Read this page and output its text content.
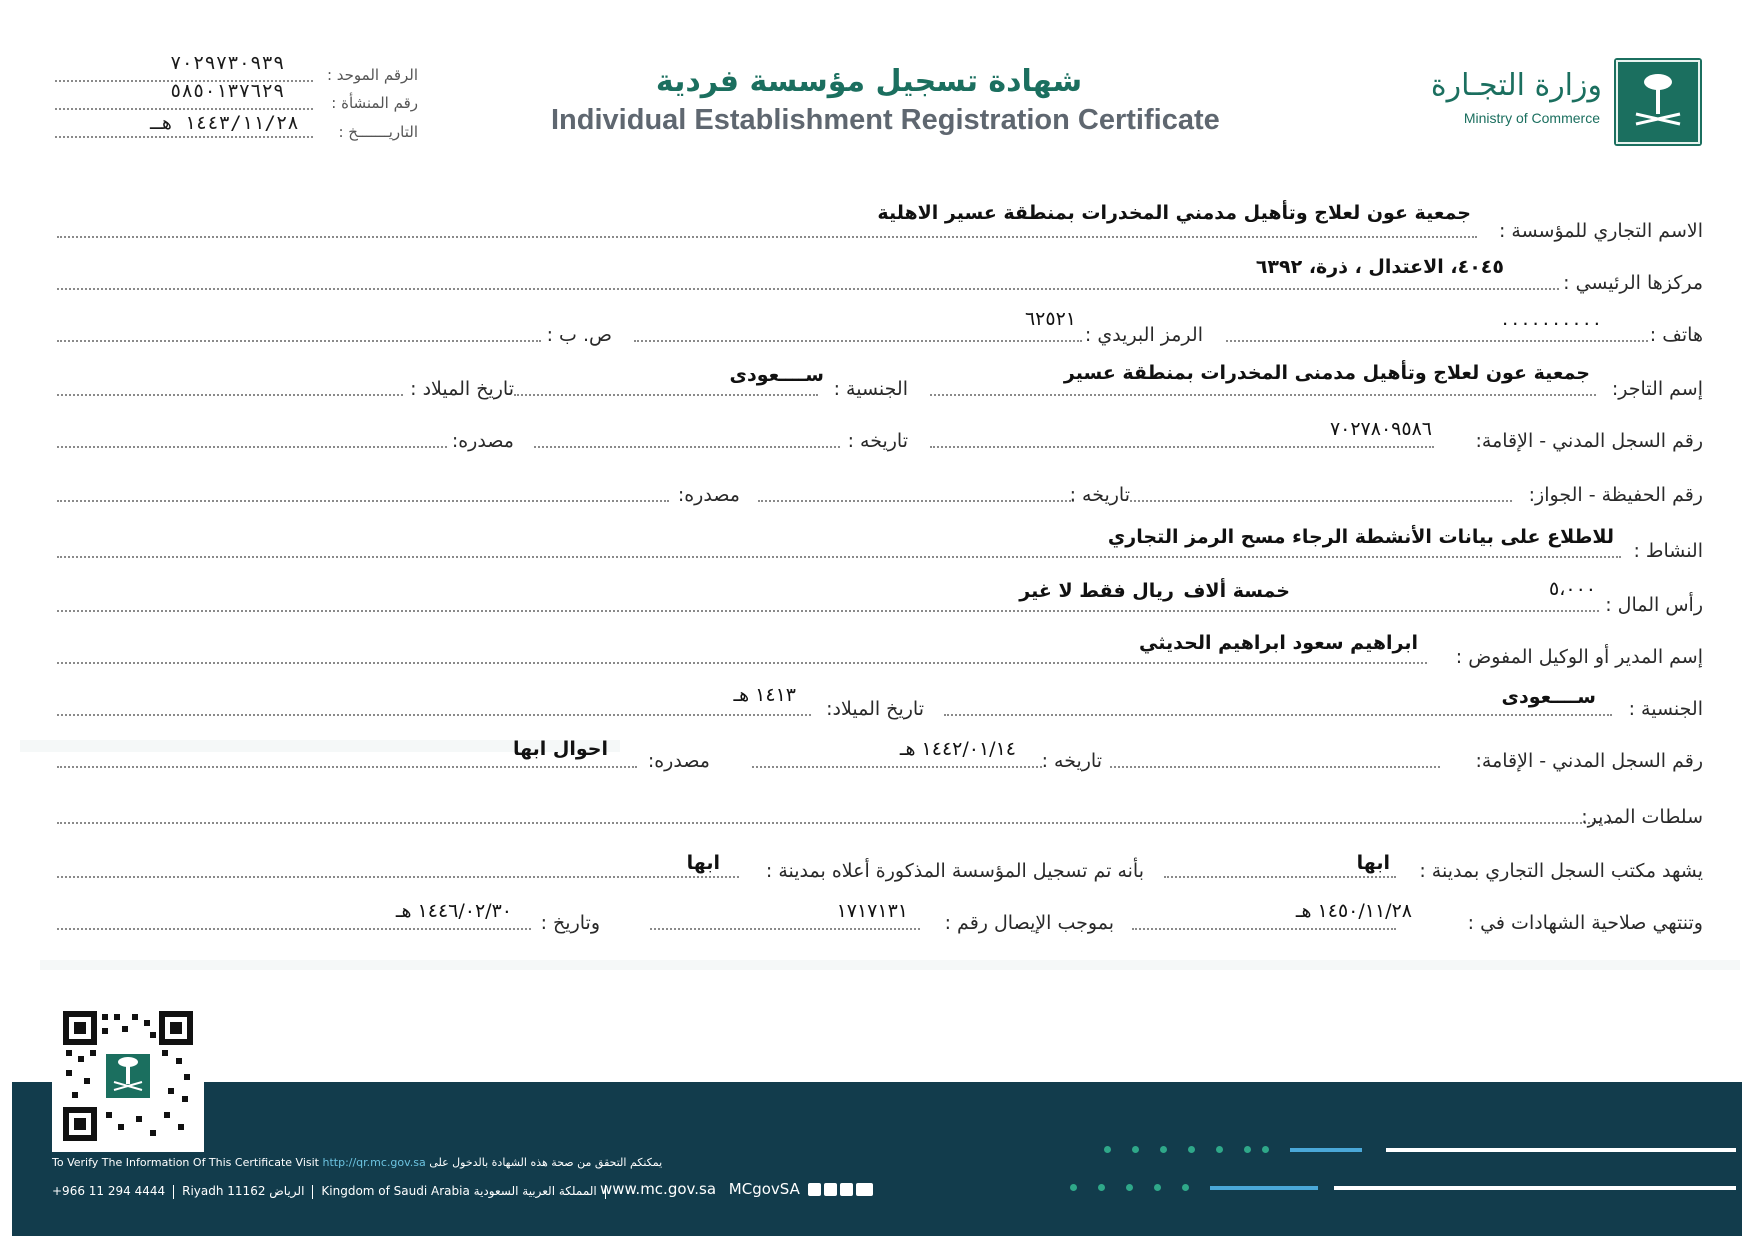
وزارة التجـارة
Ministry of Commerce
شهادة تسجيل مؤسسة فردية
Individual Establishment Registration Certificate
٧٠٢٩٧٣٠٩٣٩
الرقم الموحد :
٥٨٥٠١٣٧٦٢٩
رقم المنشأة :
١٤٤٣/١١/٢٨ هـ	التاريـــــــخ :
الاسم التجاري للمؤسسة :
جمعية عون لعلاج وتأهيل مدمني المخدرات بمنطقة عسير الاهلية
مركزها الرئيسي :
٤٠٤٥، الاعتدال ، ذرة، ٦٣٩٢
هاتف :
٠٠٠٠٠٠٠٠٠٠
الرمز البريدي :
٦٢٥٢١
ص. ب :
إسم التاجر:
جمعية عون لعلاج وتأهيل مدمنى المخدرات بمنطقة عسير
الجنسية :
ســــعودى
تاريخ الميلاد :
رقم السجل المدني - الإقامة:
٧٠٢٧٨٠٩٥٨٦
تاريخه :
مصدره:
رقم الحفيظة - الجواز:
تاريخه :
مصدره:
النشاط :
للاطلاع على بيانات الأنشطة الرجاء مسح الرمز التجاري
رأس المال :
٥،٠٠٠
خمسة ألاف
ريال فقط لا غير
إسم المدير أو الوكيل المفوض :
ابراهيم سعود ابراهيم الحديثي
الجنسية :
ســــعودى
تاريخ الميلاد:
١٤١٣ هـ
رقم السجل المدني - الإقامة:
تاريخه :
١٤٤٢/٠١/١٤ هـ
مصدره:
احوال ابها
سلطات المدير:
يشهد مكتب السجل التجاري بمدينة :
ابها
بأنه تم تسجيل المؤسسة المذكورة أعلاه بمدينة :
ابها
وتنتهي صلاحية الشهادات في :
١٤٥٠/١١/٢٨ هـ
بموجب الإيصال رقم :
١٧١٧١٣١
وتاريخ :
١٤٤٦/٠٢/٣٠ هـ
To Verify The Information Of This Certificate Visit http://qr.mc.gov.sa يمكنكم التحقق من صحة هذه الشهادة بالدخول على
+966 11 294 4444 Riyadh 11162 الرياض Kingdom of Saudi Arabia المملكة العربية السعودية www.mc.gov.sa MCgovSA
